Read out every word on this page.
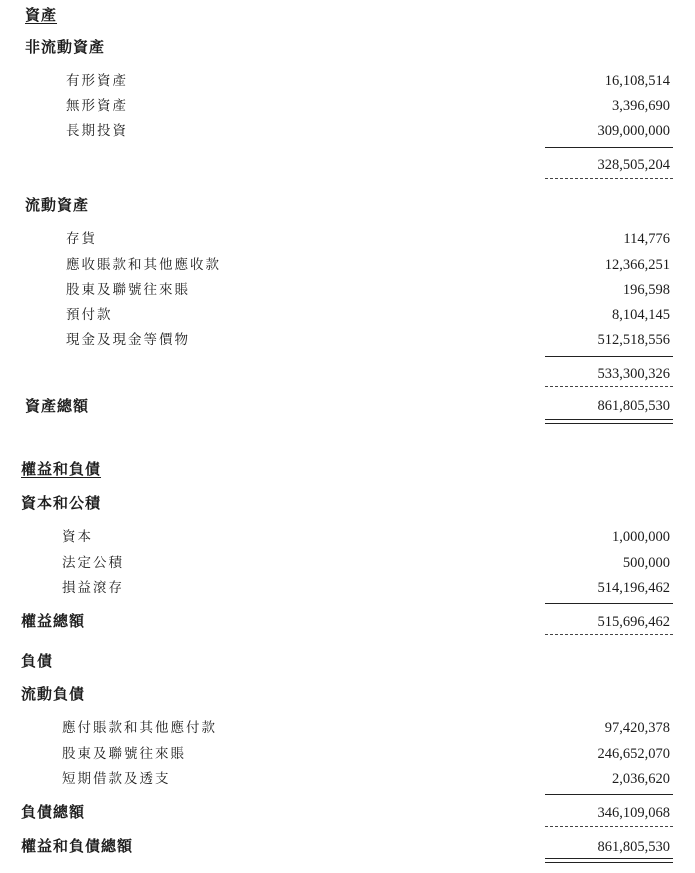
資產
非流動資產
有形資產	16,108,514
無形資產	3,396,690
長期投資	309,000,000
328,505,204
流動資產
存貨	114,776
應收賬款和其他應收款	12,366,251
股東及聯號往來賬	196,598
預付款	8,104,145
現金及現金等價物	512,518,556
533,300,326
資產總額	861,805,530
權益和負債
資本和公積
資本	1,000,000
法定公積	500,000
損益滾存	514,196,462
權益總額	515,696,462
負債
流動負債
應付賬款和其他應付款	97,420,378
股東及聯號往來賬	246,652,070
短期借款及透支	2,036,620
負債總額	346,109,068
權益和負債總額	861,805,530
